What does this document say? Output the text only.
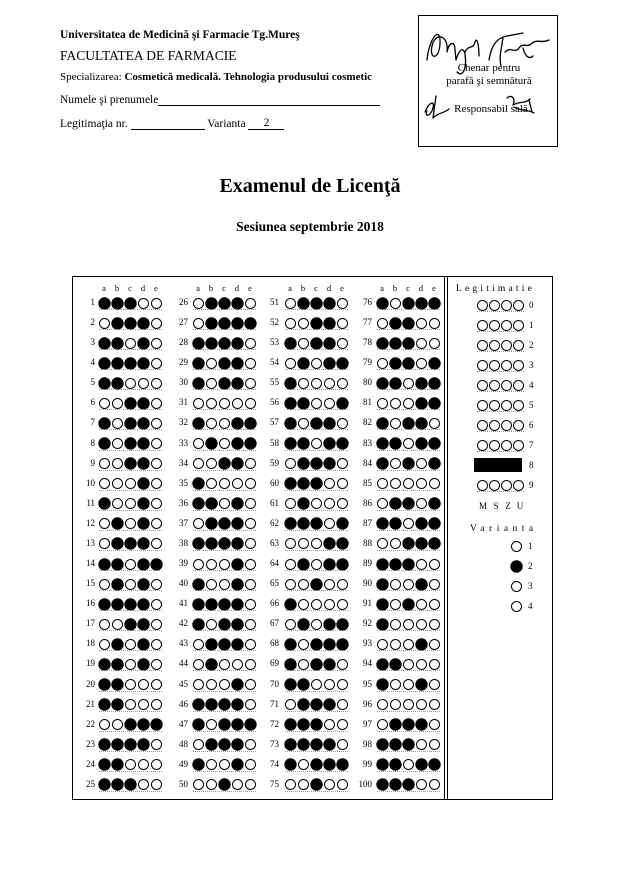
Universitatea de Medicină şi Farmacie Tg.Mureş
FACULTATEA DE FARMACIE
Specializarea: Cosmetică medicală. Tehnologia produsului cosmetic
Numele şi prenumele
Legitimaţia nr.	Varianta 2
Chenar pentru
parafă şi semnătură
Responsabil sală
Examenul de Licenţă
Sesiunea septembrie 2018
Legitimatie
Varianta
a b c d e
1
2
3
4
5
6
7
8
9
10
11
12
13
14
15
16
17
18
19
20
21
22
23
24
25
a b c d e
26
27
28
29
30
31
32
33
34
35
36
37
38
39
40
41
42
43
44
45
46
47
48
49
50
a b c d e
51
52
53
54
55
56
57
58
59
60
61
62
63
64
65
66
67
68
69
70
71
72
73
74
75
a b c d e
76
77
78
79
80
81
82
83
84
85
86
87
88
89
90
91
92
93
94
95
96
97
98
99
100
0
1
2
3
4
5
6
7
8
9
M S Z U
1
2
3
4
